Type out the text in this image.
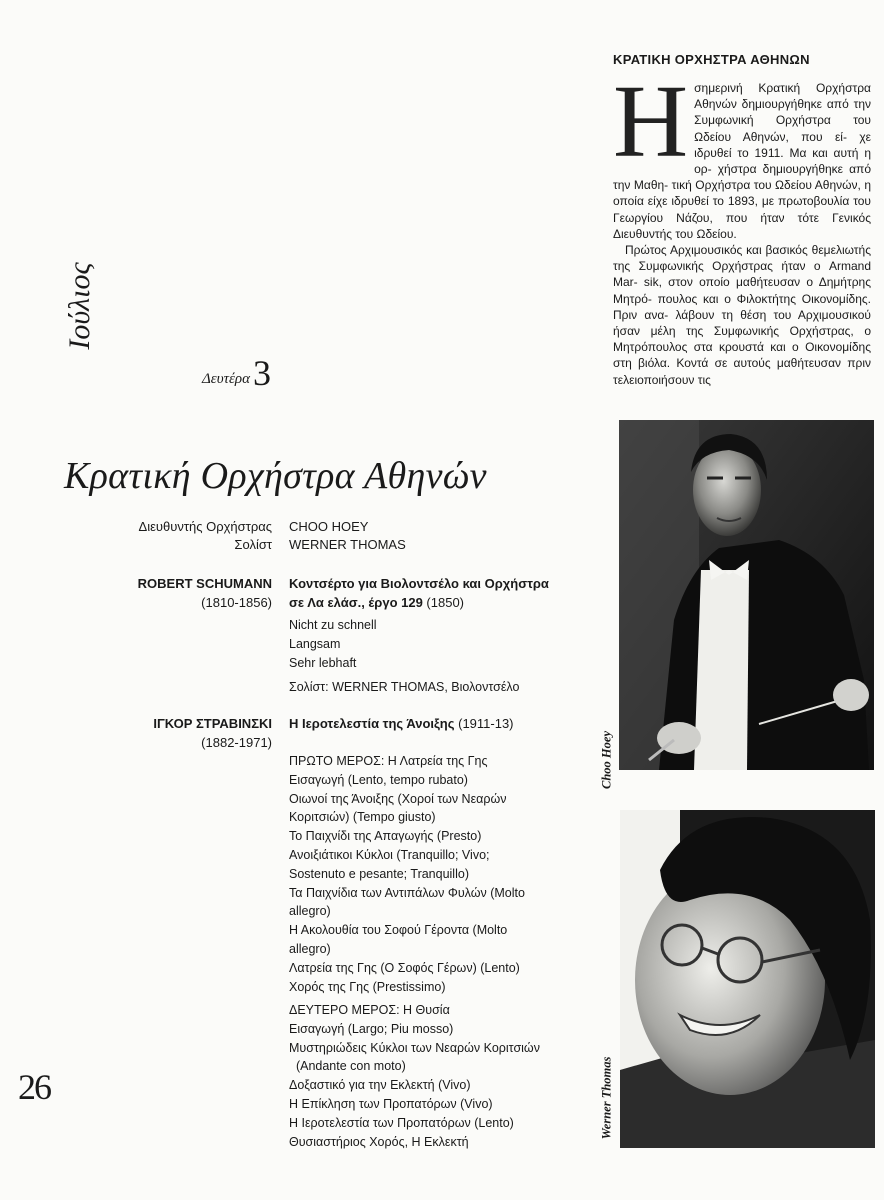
Ιούλιος
Δευτέρα3
Κρατική Ορχήστρα Αθηνών
Διευθυντής Ορχήστρας CHOO HOEY
Σολίστ WERNER THOMAS
ROBERT SCHUMANN
(1810-1856)
Κοντσέρτο για Βιολοντσέλο και Ορχήστρα
σε Λα ελάσ., έργο 129 (1850)
Nicht zu schnell
Langsam
Sehr lebhaft
Σολίστ: WERNER THOMAS, Βιολοντσέλο
ΙΓΚΟΡ ΣΤΡΑΒΙΝΣΚΙ
(1882-1971)
Η Ιεροτελεστία της Άνοιξης (1911-13)
ΠΡΩΤΟ ΜΕΡΟΣ: Η Λατρεία της Γης
Εισαγωγή (Lento, tempo rubato)
Οιωνοί της Άνοιξης (Χοροί των Νεαρών
Κοριτσιών) (Tempo giusto)
Το Παιχνίδι της Απαγωγής (Presto)
Ανοιξιάτικοι Κύκλοι (Tranquillo; Vivo;
Sostenuto e pesante; Tranquillo)
Τα Παιχνίδια των Αντιπάλων Φυλών (Molto
allegro)
Η Ακολουθία του Σοφού Γέροντα (Molto
allegro)
Λατρεία της Γης (Ο Σοφός Γέρων) (Lento)
Χορός της Γης (Prestissimo)
ΔΕΥΤΕΡΟ ΜΕΡΟΣ: Η Θυσία
Εισαγωγή (Largo; Piu mosso)
Μυστηριώδεις Κύκλοι των Νεαρών Κοριτσιών
(Andante con moto)
Δοξαστικό για την Εκλεκτή (Vivo)
Η Επίκληση των Προπατόρων (Vivo)
Η Ιεροτελεστία των Προπατόρων (Lento)
Θυσιαστήριος Χορός, Η Εκλεκτή
26
ΚΡΑΤΙΚΗ ΟΡΧΗΣΤΡΑ ΑΘΗΝΩΝ

Ησημερινή Κρατική Ορχήστρα Αθηνών δημιουργήθηκε από την Συμφωνική Ορχήστρα του Ωδείου Αθηνών, που εί- χε ιδρυθεί το 1911. Μα και αυτή η ορ- χήστρα δημιουργήθηκε από την Μαθη- τική Ορχήστρα του Ωδείου Αθηνών, η οποία είχε ιδρυθεί το 1893, με πρωτοβουλία του Γεωργίου Νάζου, που ήταν τότε Γενικός Διευθυντής του Ωδείου.

Πρώτος Αρχιμουσικός και βασικός θεμελιωτής της Συμφωνικής Ορχήστρας ήταν ο Armand Mar- sik, στον οποίο μαθήτευσαν ο Δημήτρης Μητρό- πουλος και ο Φιλοκτήτης Οικονομίδης. Πριν ανα- λάβουν τη θέση του Αρχιμουσικού ήσαν μέλη της Συμφωνικής Ορχήστρας, ο Μητρόπουλος στα κρουστά και ο Οικονομίδης στη βιόλα. Κοντά σε αυτούς μαθήτευσαν πριν τελειοποιήσουν τις

Choo Hoey
Werner Thomas
